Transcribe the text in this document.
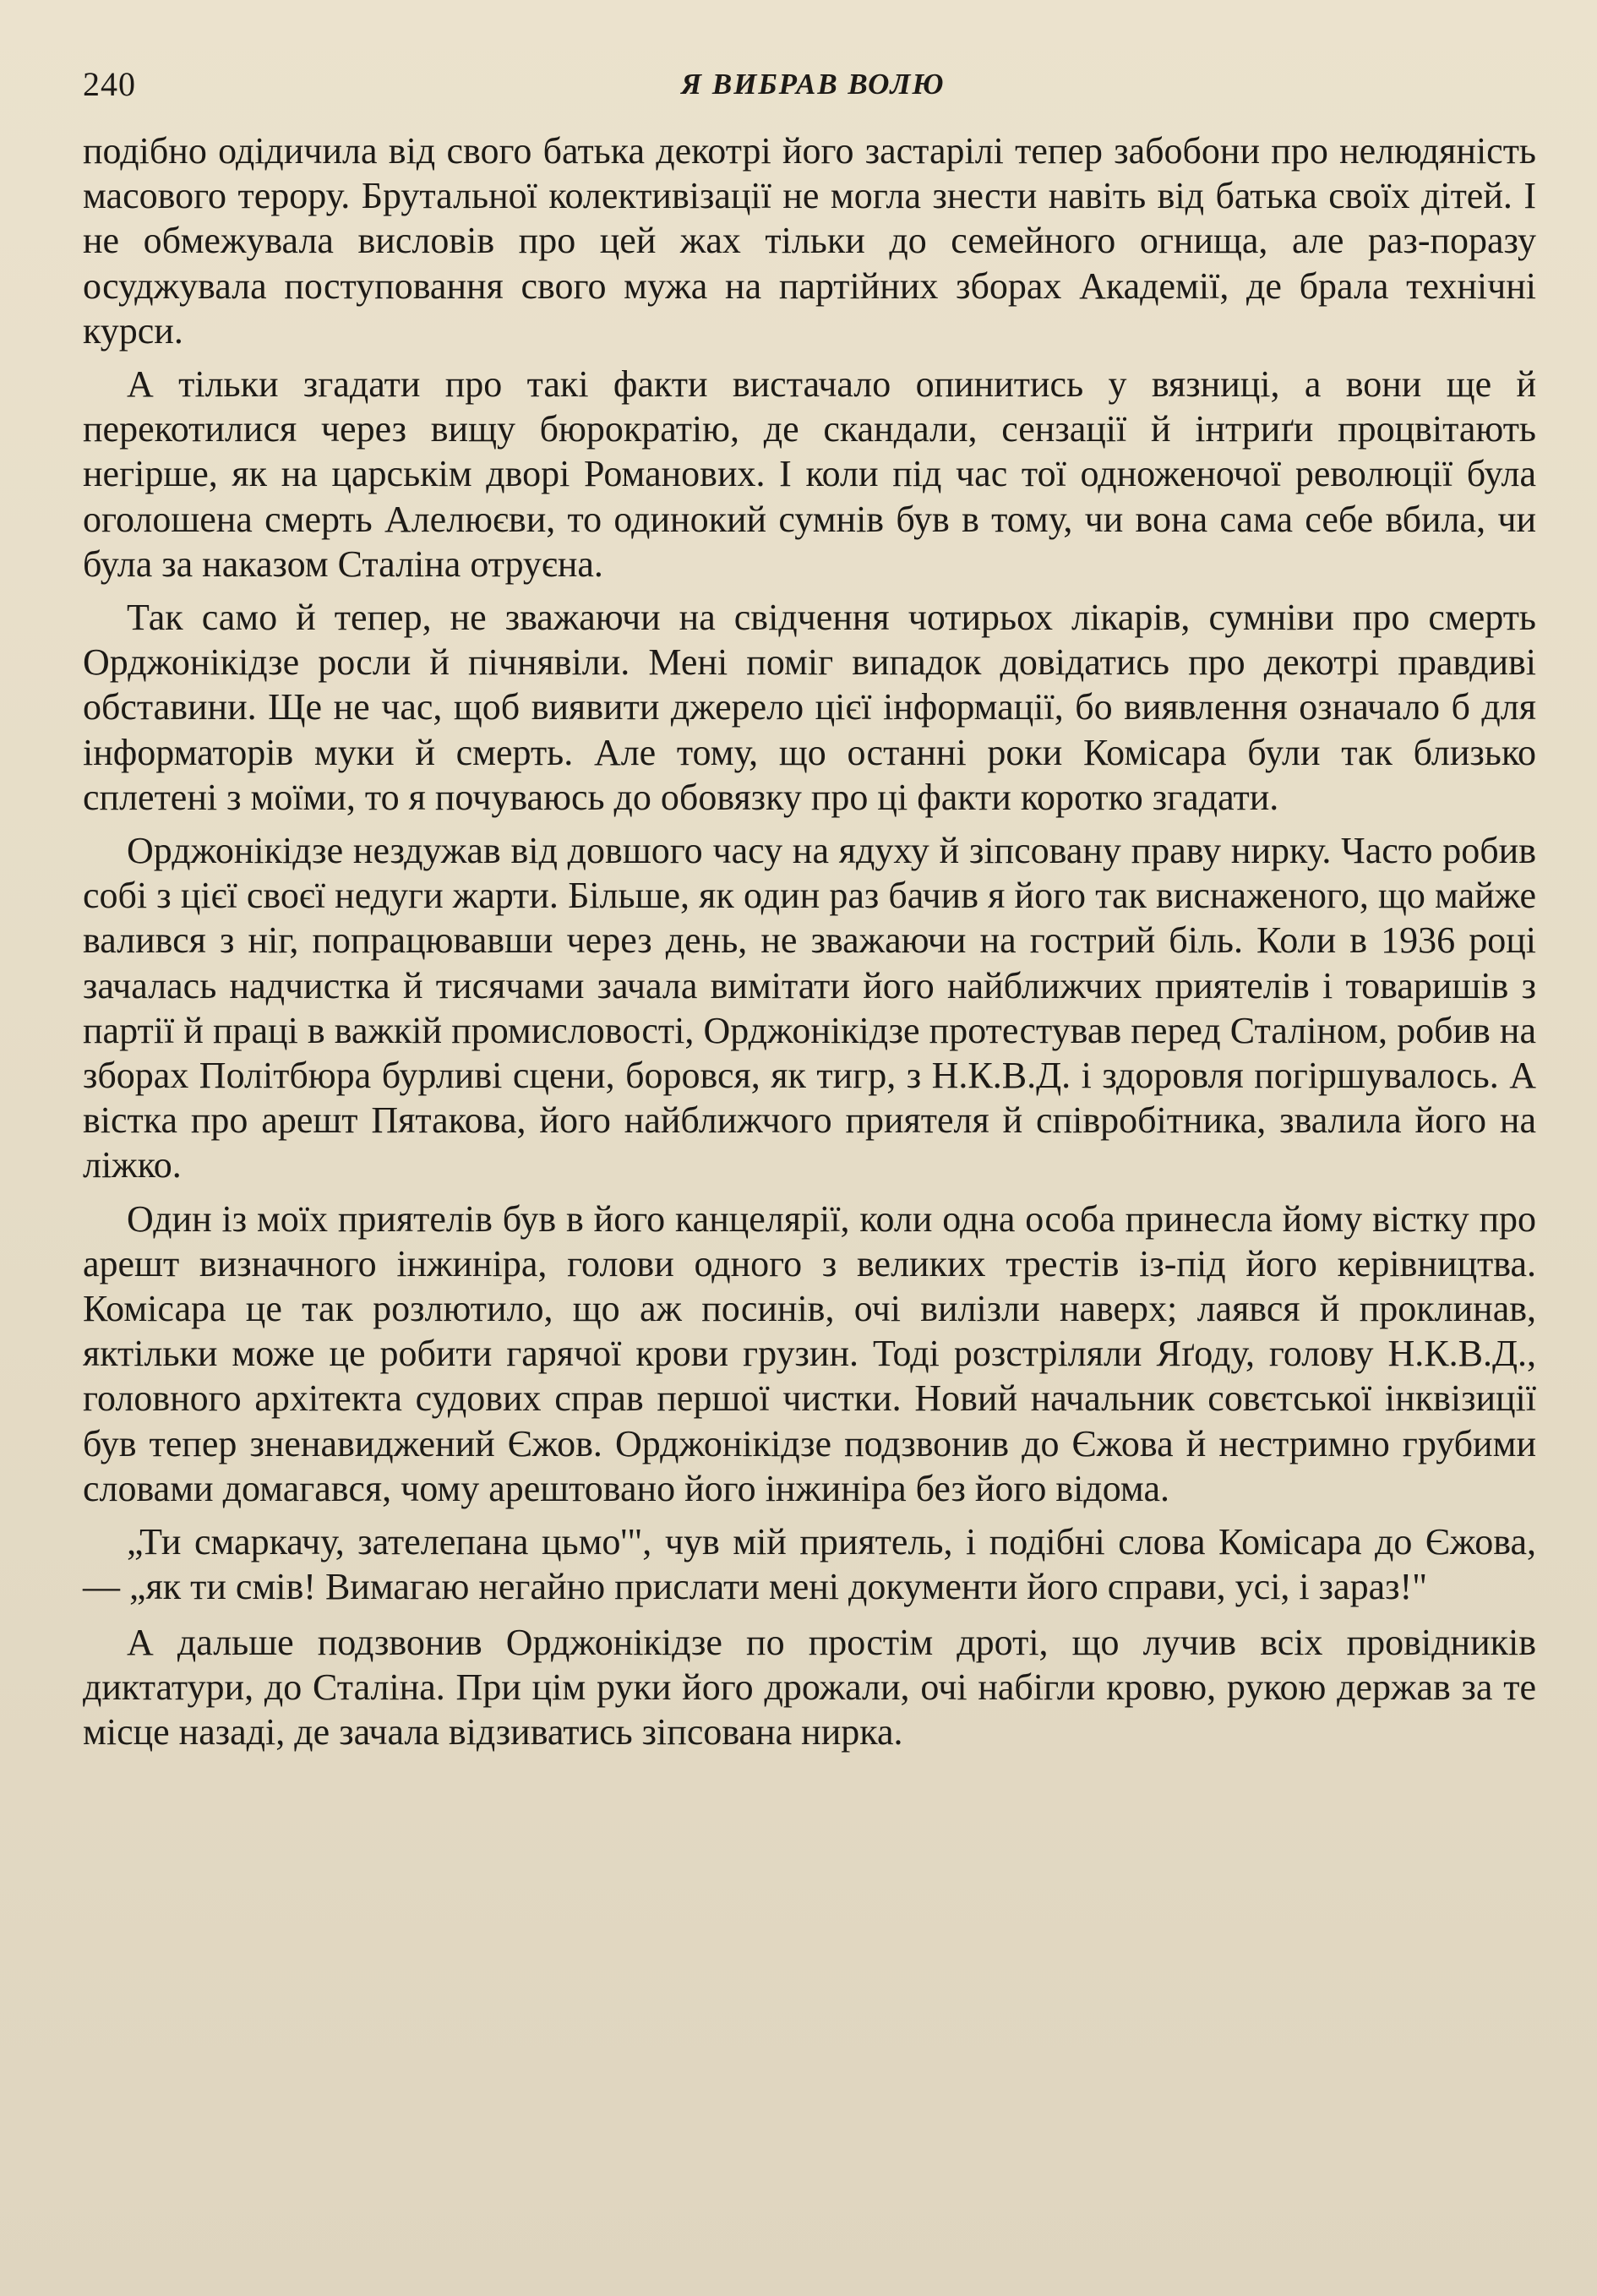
240	Я ВИБРАВ ВОЛЮ

подібно одідичила від свого батька декотрі його застарілі тепер забобони про нелюдяність масового терору. Брутальної колективізації не могла знести навіть від батька своїх дітей. І не обмежувала висловів про цей жах тільки до семейного огнища, але раз-поразу осуджувала поступовання свого мужа на партійних зборах Академії, де брала технічні курси.

А тільки згадати про такі факти вистачало опинитись у вязниці, а вони ще й перекотилися через вищу бюрократію, де скандали, сензації й інтриґи процвітають негірше, як на царськім дворі Романових. І коли під час тої одноженочої революції була оголошена смерть Алелюєви, то одинокий сумнів був в тому, чи вона сама себе вбила, чи була за наказом Сталіна отруєна.

Так само й тепер, не зважаючи на свідчення чотирьох лікарів, сумніви про смерть Орджонікідзе росли й пічнявіли. Мені поміг випадок довідатись про декотрі правдиві обставини. Ще не час, щоб виявити джерело цієї інформації, бо виявлення означало б для інформаторів муки й смерть. Але тому, що останні роки Комісара були так близько сплетені з моїми, то я почуваюсь до обовязку про ці факти коротко згадати.

Орджонікідзе нездужав від довшого часу на ядуху й зіпсовану праву нирку. Часто робив собі з цієї своєї недуги жарти. Більше, як один раз бачив я його так виснаженого, що майже валився з ніг, попрацювавши через день, не зважаючи на гострий біль. Коли в 1936 році зачалась надчистка й тисячами зачала вимітати його найближчих приятелів і товаришів з партії й праці в важкій промисловості, Орджонікідзе протестував перед Сталіном, робив на зборах Політбюра бурливі сцени, боровся, як тигр, з Н.К.В.Д. і здоровля погіршувалось. А вістка про арешт Пятакова, його найближчого приятеля й співробітника, звалила його на ліжко.

Один із моїх приятелів був в його канцелярії, коли одна особа принесла йому вістку про арешт визначного інжиніра, голови одного з великих трестів із-під його керівництва. Комісара це так розлютило, що аж посинів, очі вилізли наверх; лаявся й проклинав, яктільки може це робити гарячої крови грузин. Тоді розстріляли Яґоду, голову Н.К.В.Д., головного архітекта судових справ першої чистки. Новий начальник совєтської інквізиції був тепер зненавиджений Єжов. Орджонікідзе подзвонив до Єжова й нестримно грубими словами домагався, чому арештовано його інжиніра без його відома.

„Ти смаркачу, зателепана цьмо'", чув мій приятель, і подібні слова Комісара до Єжова, — „як ти смів! Вимагаю негайно прислати мені документи його справи, усі, і зараз!"

А дальше подзвонив Орджонікідзе по простім дроті, що лучив всіх провідників диктатури, до Сталіна. При цім руки його дрожали, очі набігли кровю, рукою держав за те місце назаді, де зачала відзиватись зіпсована нирка.
